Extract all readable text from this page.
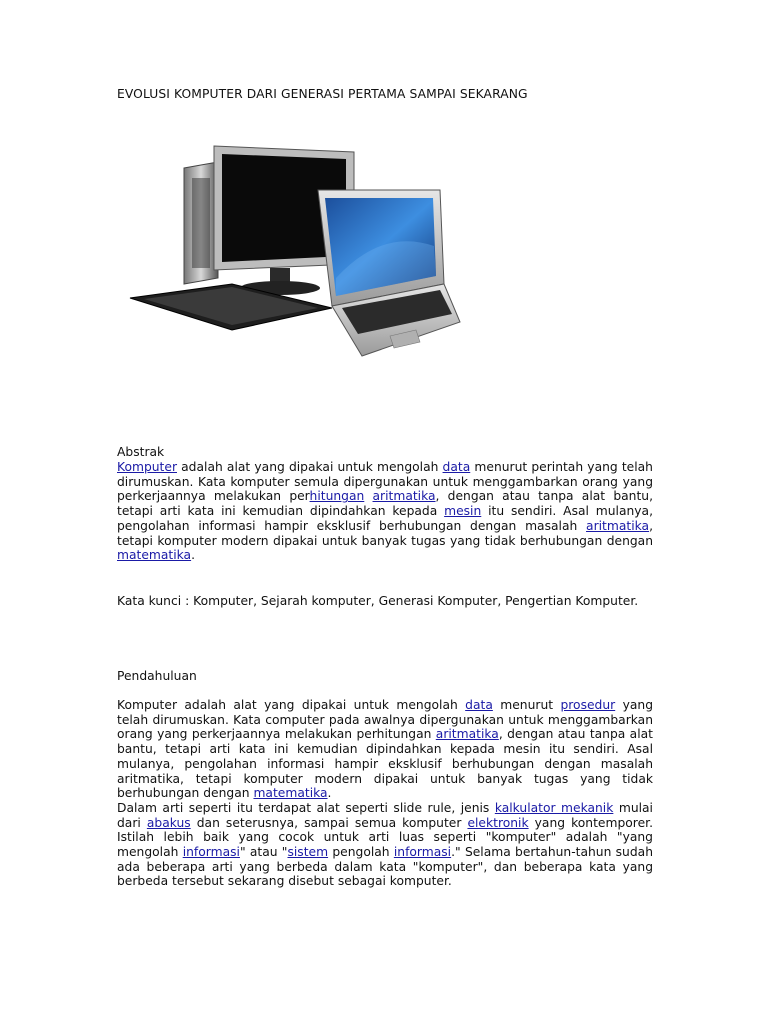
EVOLUSI KOMPUTER DARI GENERASI PERTAMA SAMPAI SEKARANG
Abstrak

Komputer adalah alat yang dipakai untuk mengolah data menurut perintah yang telah dirumuskan. Kata komputer semula dipergunakan untuk menggambarkan orang yang perkerjaannya melakukan perhitungan aritmatika, dengan atau tanpa alat bantu, tetapi arti kata ini kemudian dipindahkan kepada mesin itu sendiri. Asal mulanya, pengolahan informasi hampir eksklusif berhubungan dengan masalah aritmatika, tetapi komputer modern dipakai untuk banyak tugas yang tidak berhubungan dengan matematika.

Kata kunci : Komputer, Sejarah komputer, Generasi Komputer, Pengertian Komputer.

Pendahuluan

Komputer adalah alat yang dipakai untuk mengolah data menurut prosedur yang telah dirumuskan. Kata computer pada awalnya dipergunakan untuk menggambarkan orang yang perkerjaannya melakukan perhitungan aritmatika, dengan atau tanpa alat bantu, tetapi arti kata ini kemudian dipindahkan kepada mesin itu sendiri. Asal mulanya, pengolahan informasi hampir eksklusif berhubungan dengan masalah aritmatika, tetapi komputer modern dipakai untuk banyak tugas yang tidak berhubungan dengan matematika.

Dalam arti seperti itu terdapat alat seperti slide rule, jenis kalkulator mekanik mulai dari abakus dan seterusnya, sampai semua komputer elektronik yang kontemporer. Istilah lebih baik yang cocok untuk arti luas seperti "komputer" adalah "yang mengolah informasi" atau "sistem pengolah informasi." Selama bertahun-tahun sudah ada beberapa arti yang berbeda dalam kata "komputer", dan beberapa kata yang berbeda tersebut sekarang disebut sebagai komputer.
